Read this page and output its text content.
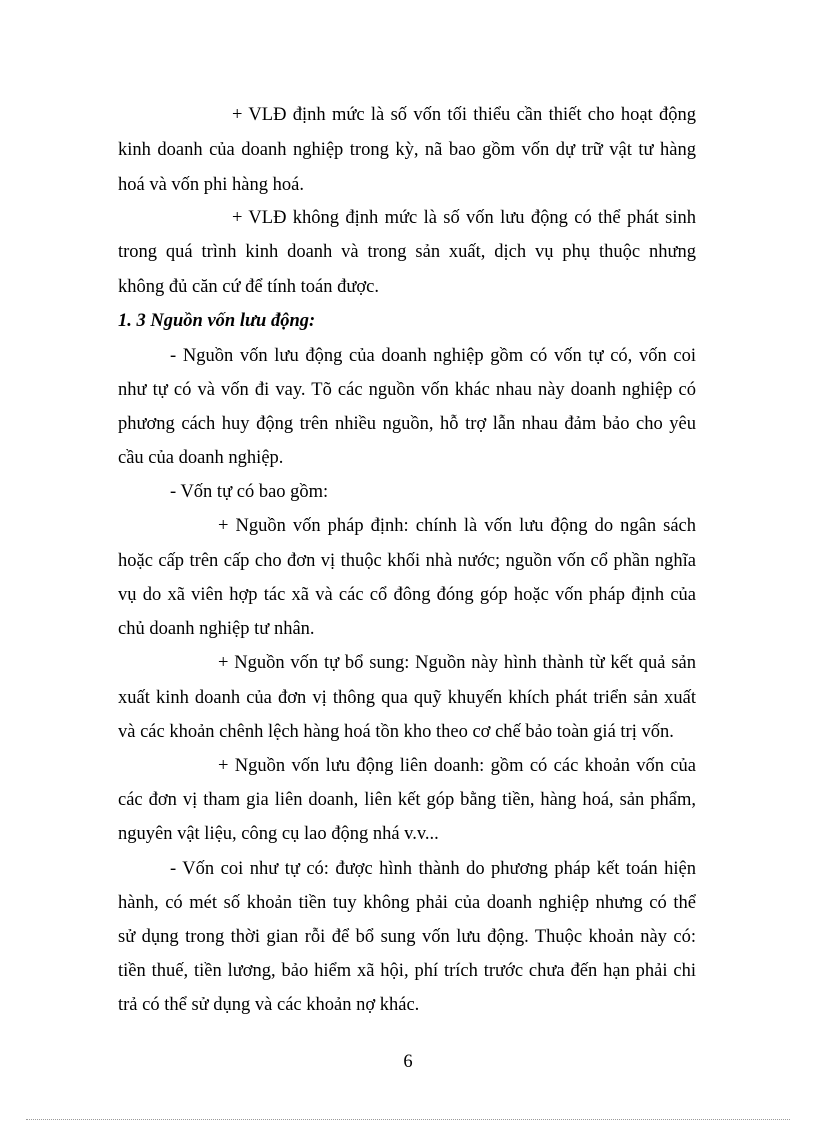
+ VLĐ định mức là số vốn tối thiểu cần thiết cho hoạt động
kinh doanh của doanh nghiệp trong kỳ, nã bao gồm vốn dự trữ vật tư hàng
hoá và vốn phi hàng hoá.
+ VLĐ không định mức là số vốn lưu động có thể phát sinh
trong quá trình kinh doanh và trong sản xuất, dịch vụ phụ thuộc nhưng
không đủ căn cứ để tính toán được.
1. 3 Nguồn vốn lưu động:
- Nguồn vốn lưu động của doanh nghiệp gồm có vốn tự có, vốn coi
như tự có và vốn đi vay. Tõ các nguồn vốn khác nhau này doanh nghiệp có
phương cách huy động trên nhiều nguồn, hỗ trợ lẫn nhau đảm bảo cho yêu
cầu của doanh nghiệp.
- Vốn tự có bao gồm:
+ Nguồn vốn pháp định: chính là vốn lưu động do ngân sách
hoặc cấp trên cấp cho đơn vị thuộc khối nhà nước; nguồn vốn cổ phần nghĩa
vụ do xã viên hợp tác xã và các cổ đông đóng góp hoặc vốn pháp định của
chủ doanh nghiệp tư nhân.
+ Nguồn vốn tự bổ sung: Nguồn này hình thành từ kết quả sản
xuất kinh doanh của đơn vị thông qua quỹ khuyến khích phát triển sản xuất
và các khoản chênh lệch hàng hoá tồn kho theo cơ chế bảo toàn giá trị vốn.
+ Nguồn vốn lưu động liên doanh: gồm có các khoản vốn của
các đơn vị tham gia liên doanh, liên kết góp bằng tiền, hàng hoá, sản phẩm,
nguyên vật liệu, công cụ lao động nhá v.v...
- Vốn coi như tự có: được hình thành do phương pháp kết toán hiện
hành, có mét số khoản tiền tuy không phải của doanh nghiệp nhưng có thể
sử dụng trong thời gian rỗi để bổ sung vốn lưu động. Thuộc khoản này có:
tiền thuế, tiền lương, bảo hiểm xã hội, phí trích trước chưa đến hạn phải chi
trả có thể sử dụng và các khoản nợ khác.
6
